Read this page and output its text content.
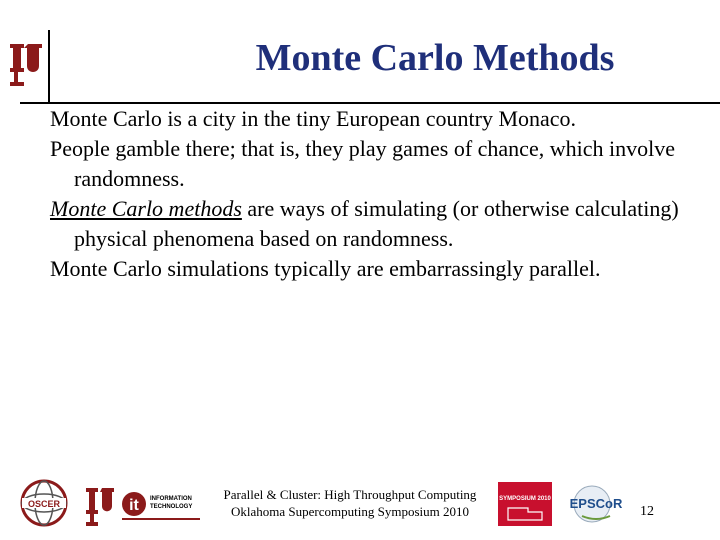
Monte Carlo Methods

Monte Carlo is a city in the tiny European country Monaco.

People gamble there; that is, they play games of chance, which involve randomness.

Monte Carlo methods are ways of simulating (or otherwise calculating) physical phenomena based on randomness.

Monte Carlo simulations typically are embarrassingly parallel.

OSCER	it INFORMATION
TECHNOLOGY
SYMPOSIUM 2010 EPSCoR
Parallel & Cluster: High Throughput Computing
Oklahoma Supercomputing Symposium 2010	12
